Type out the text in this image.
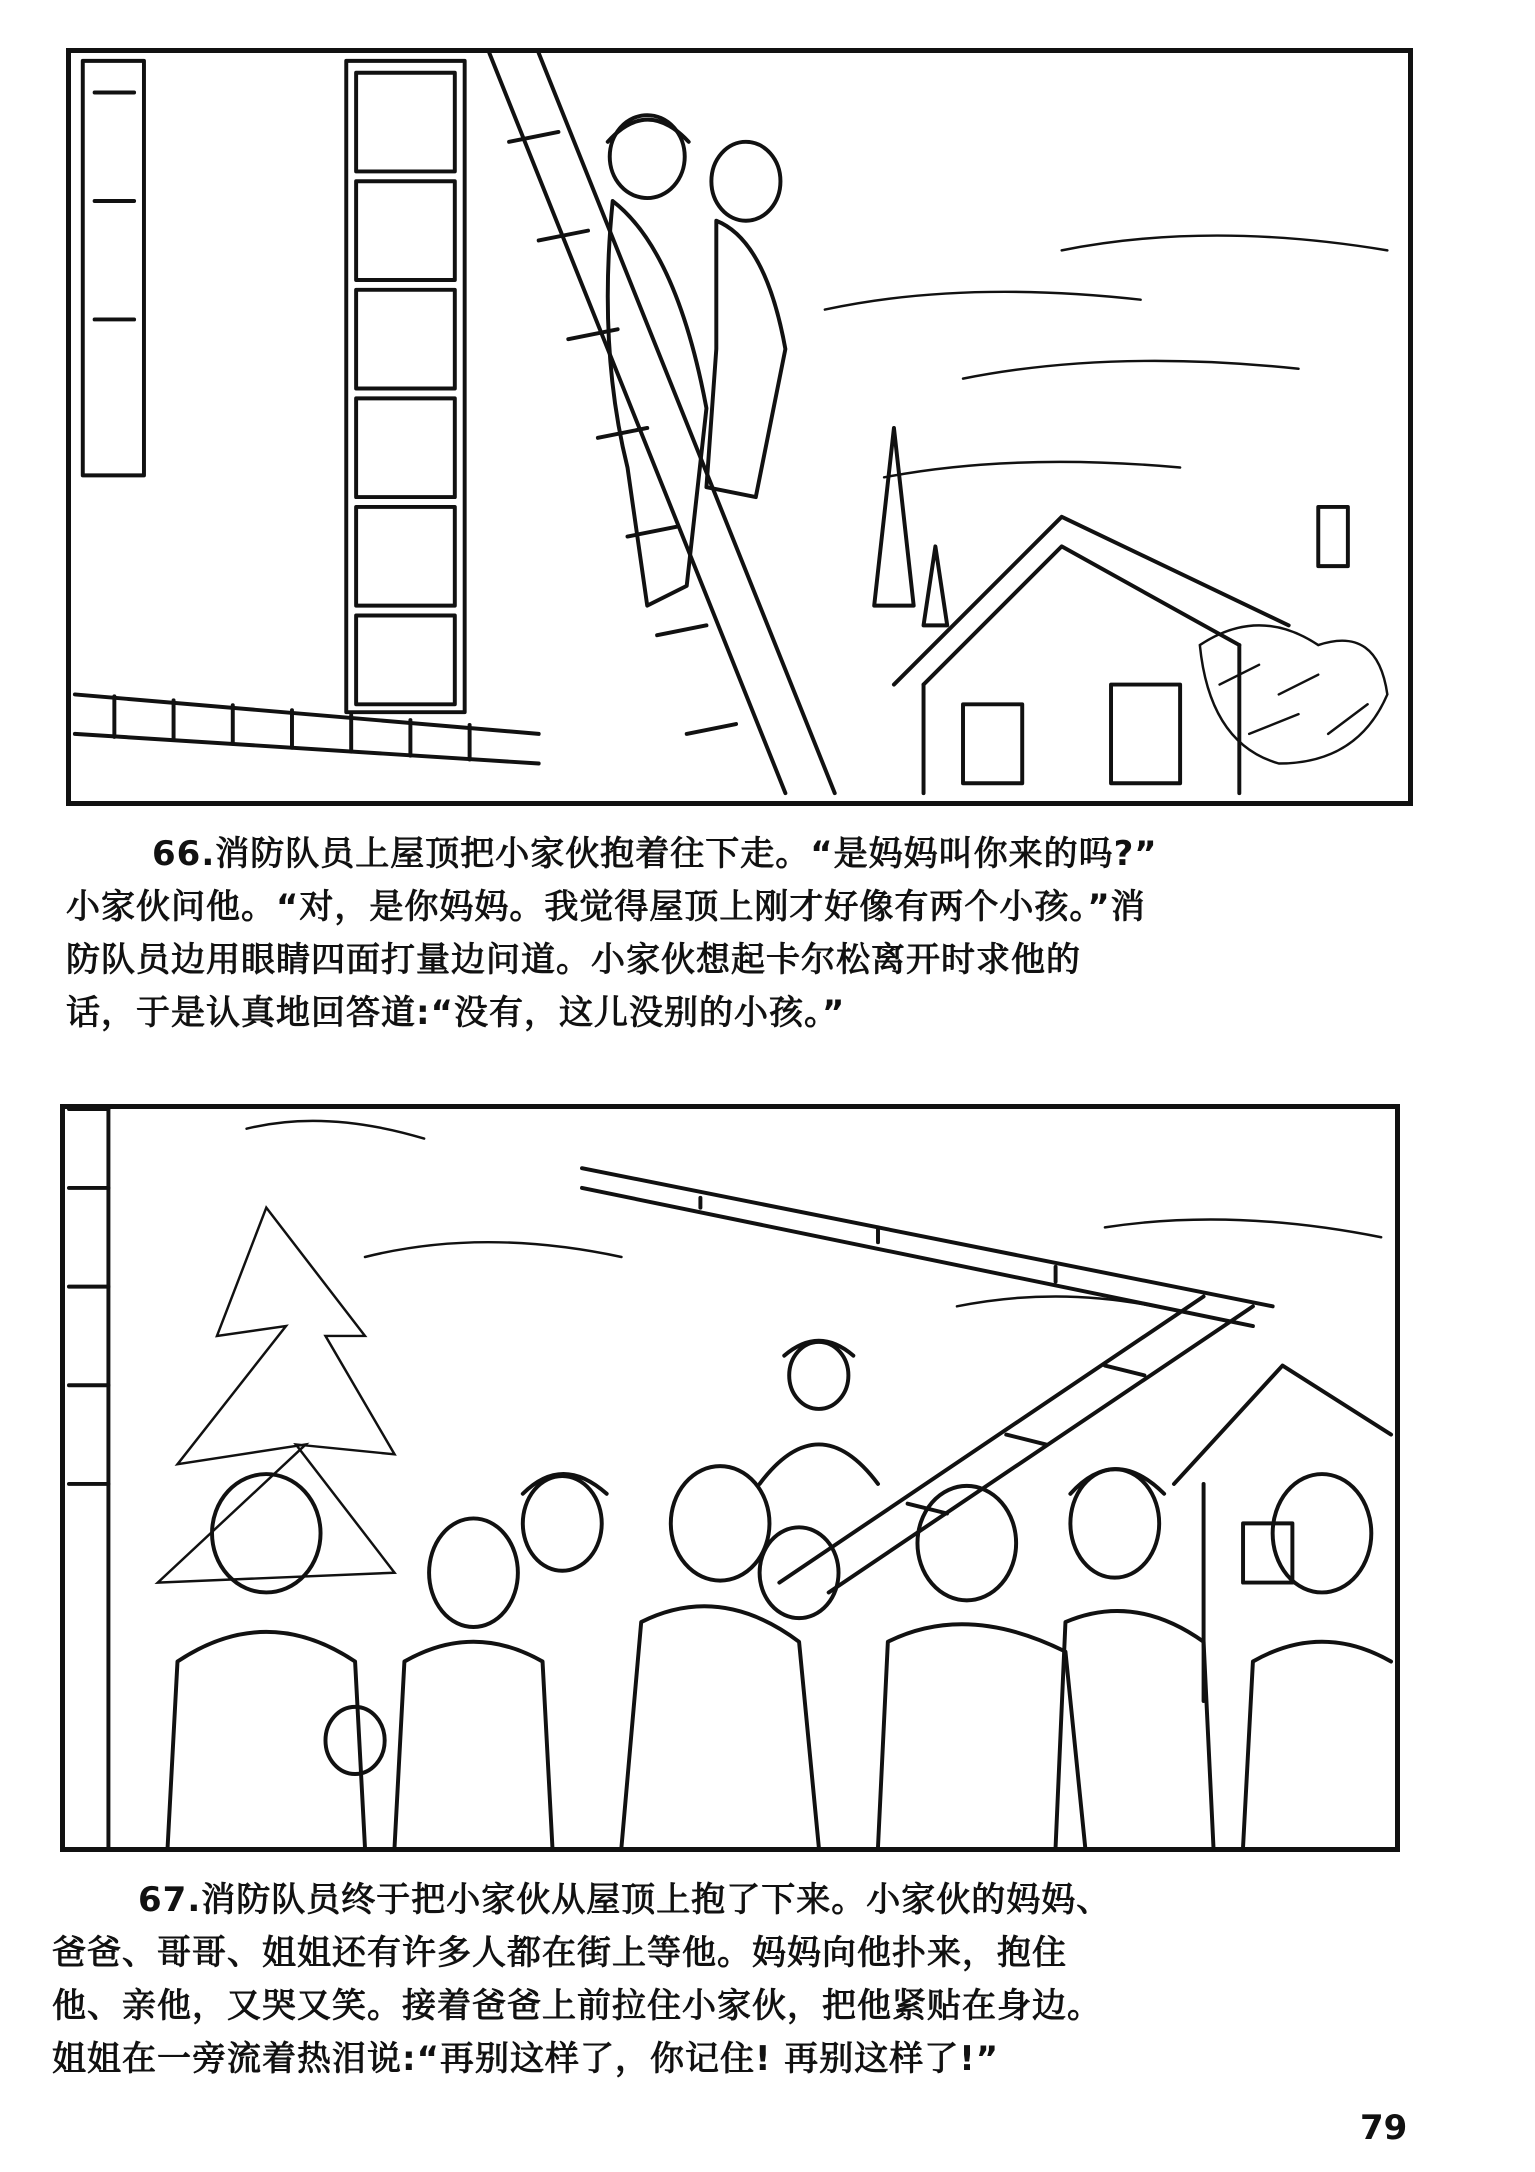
66.消防队员上屋顶把小家伙抱着往下走。“是妈妈叫你来的吗?”

小家伙问他。“对，是你妈妈。我觉得屋顶上刚才好像有两个小孩。”消

防队员边用眼睛四面打量边问道。小家伙想起卡尔松离开时求他的

话，于是认真地回答道:“没有，这儿没别的小孩。”

67.消防队员终于把小家伙从屋顶上抱了下来。小家伙的妈妈、

爸爸、哥哥、姐姐还有许多人都在街上等他。妈妈向他扑来，抱住

他、亲他，又哭又笑。接着爸爸上前拉住小家伙，把他紧贴在身边。

姐姐在一旁流着热泪说:“再别这样了，你记住! 再别这样了!”

79
